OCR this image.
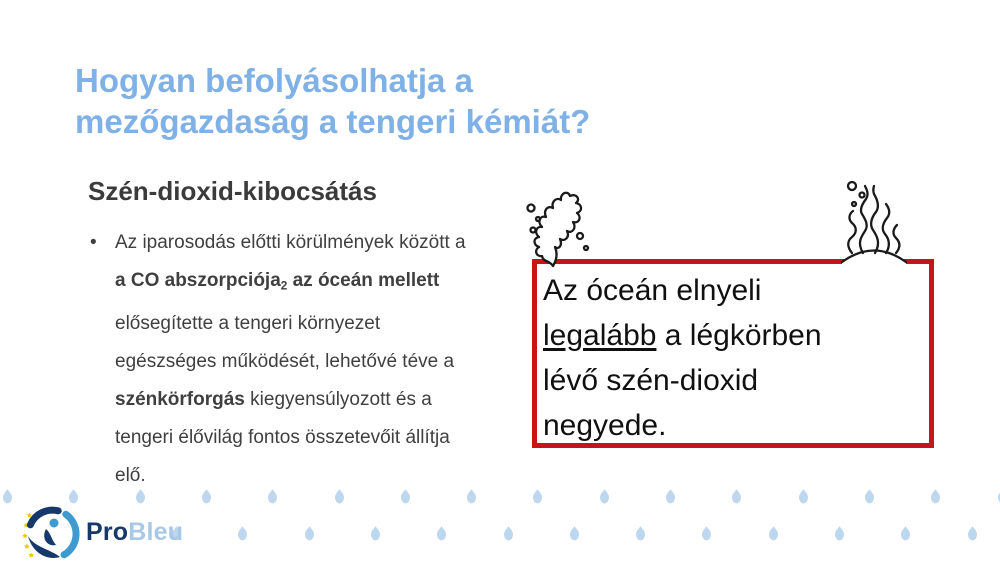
Hogyan befolyásolhatja a
mezőgazdaság a tengeri kémiát?
Szén-dioxid-kibocsátás
• Az iparosodás előtti körülmények között a
a CO abszorpciója$_2$ az óceán mellett
elősegítette a tengeri környezet
egészséges működését, lehetővé téve a
szénkörforgás kiegyensúlyozott és a
tengeri élővilág fontos összetevőit állítja
elő.
Az óceán elnyeli
legalább a légkörben
lévő szén-dioxid
negyede.
ProBleu
